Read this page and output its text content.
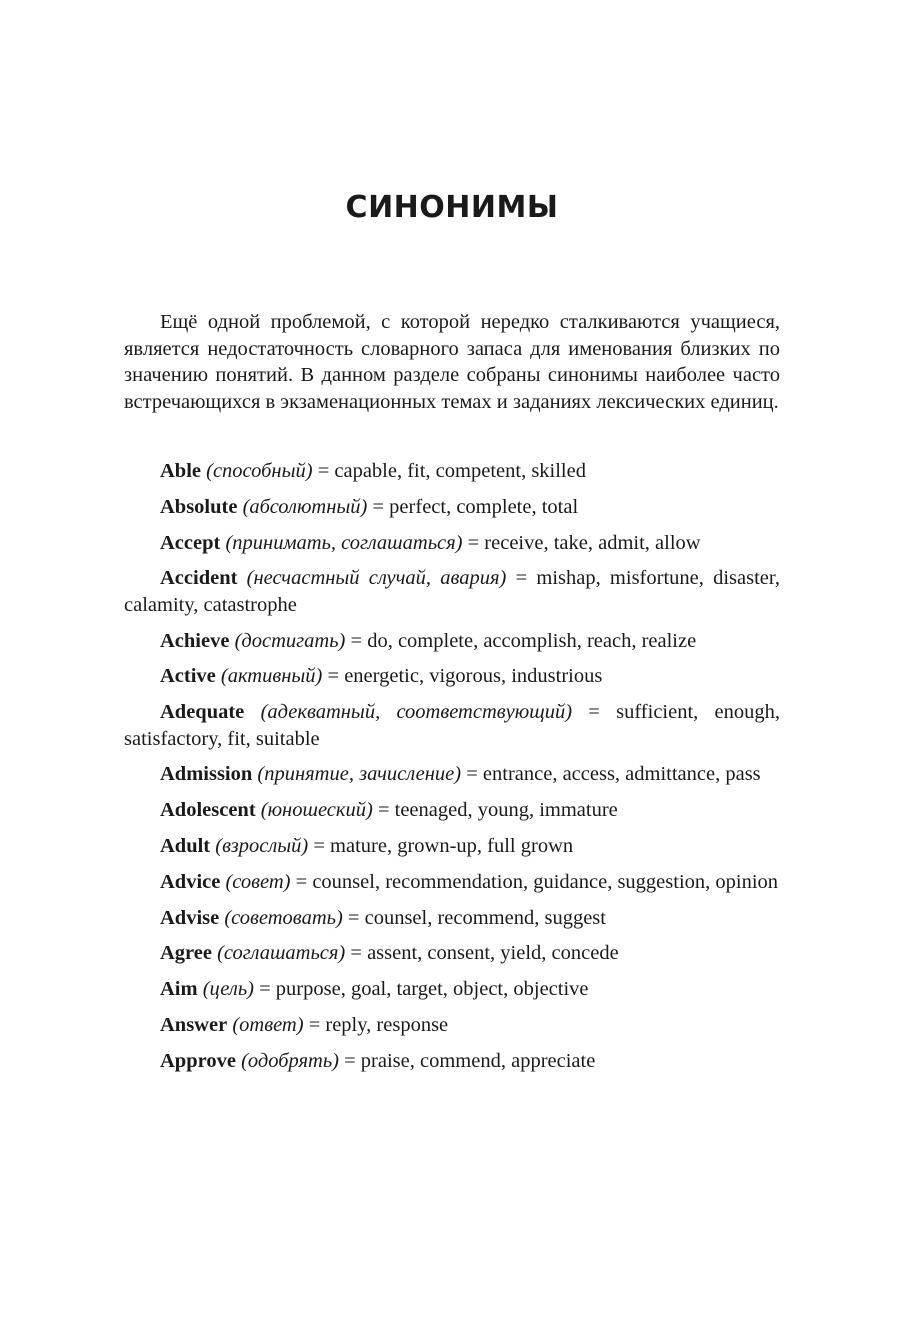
СИНОНИМЫ

Ещё одной проблемой, с которой нередко сталкиваются учащиеся, является недостаточность словарного запаса для именования близких по значению понятий. В данном разделе собраны синонимы наиболее часто встречающихся в экзаменационных темах и заданиях лексических единиц.

Able (способный) = capable, fit, competent, skilled

Absolute (абсолютный) = perfect, complete, total

Accept (принимать, соглашаться) = receive, take, admit, allow

Accident (несчастный случай, авария) = mishap, misfortune, disaster, calamity, catastrophe

Achieve (достигать) = do, complete, accomplish, reach, realize

Active (активный) = energetic, vigorous, industrious

Adequate (адекватный, соответствующий) = sufficient, enough, satisfactory, fit, suitable

Admission (принятие, зачисление) = entrance, access, admittance, pass

Adolescent (юношеский) = teenaged, young, immature

Adult (взрослый) = mature, grown-up, full grown

Advice (совет) = counsel, recommendation, guidance, suggestion, opinion

Advise (советовать) = counsel, recommend, suggest

Agree (соглашаться) = assent, consent, yield, concede

Aim (цель) = purpose, goal, target, object, objective

Answer (ответ) = reply, response

Approve (одобрять) = praise, commend, appreciate
